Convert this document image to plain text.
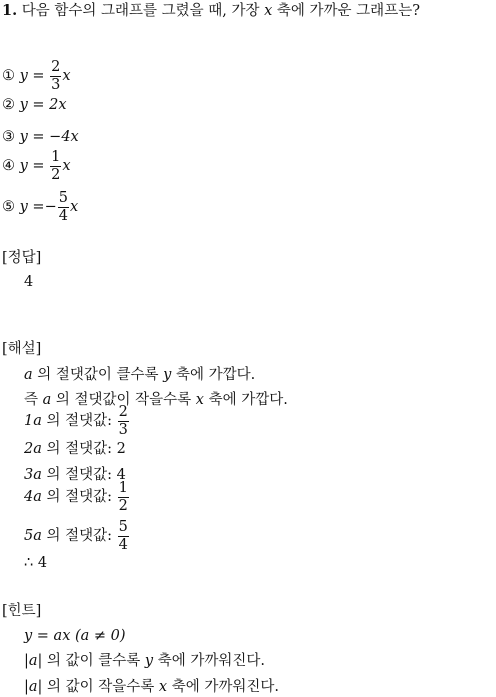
1. 다음 함수의 그래프를 그렸을 때, 가장 x 축에 가까운 그래프는?
① $y = \frac{2}{3}$ x
② y = 2x
③ y = −4x
④ $y = \frac{1}{2}$ x
⑤ $y =- \frac{5}{4}$ x
[정답]
4
[해설]
a 의 절댓값이 클수록 y 축에 가깝다.
즉 a 의 절댓값이 작을수록 x 축에 가깝다.
1a 의 절댓값: $\frac{2}{3}$
2a 의 절댓값: 2
3a 의 절댓값: 4
4a 의 절댓값: $\frac{1}{2}$
5a 의 절댓값: $\frac{5}{4}$
∴ 4
[힌트]
y = ax (a ≠ 0)
|a| 의 값이 클수록 y 축에 가까워진다.
|a| 의 값이 작을수록 x 축에 가까워진다.
